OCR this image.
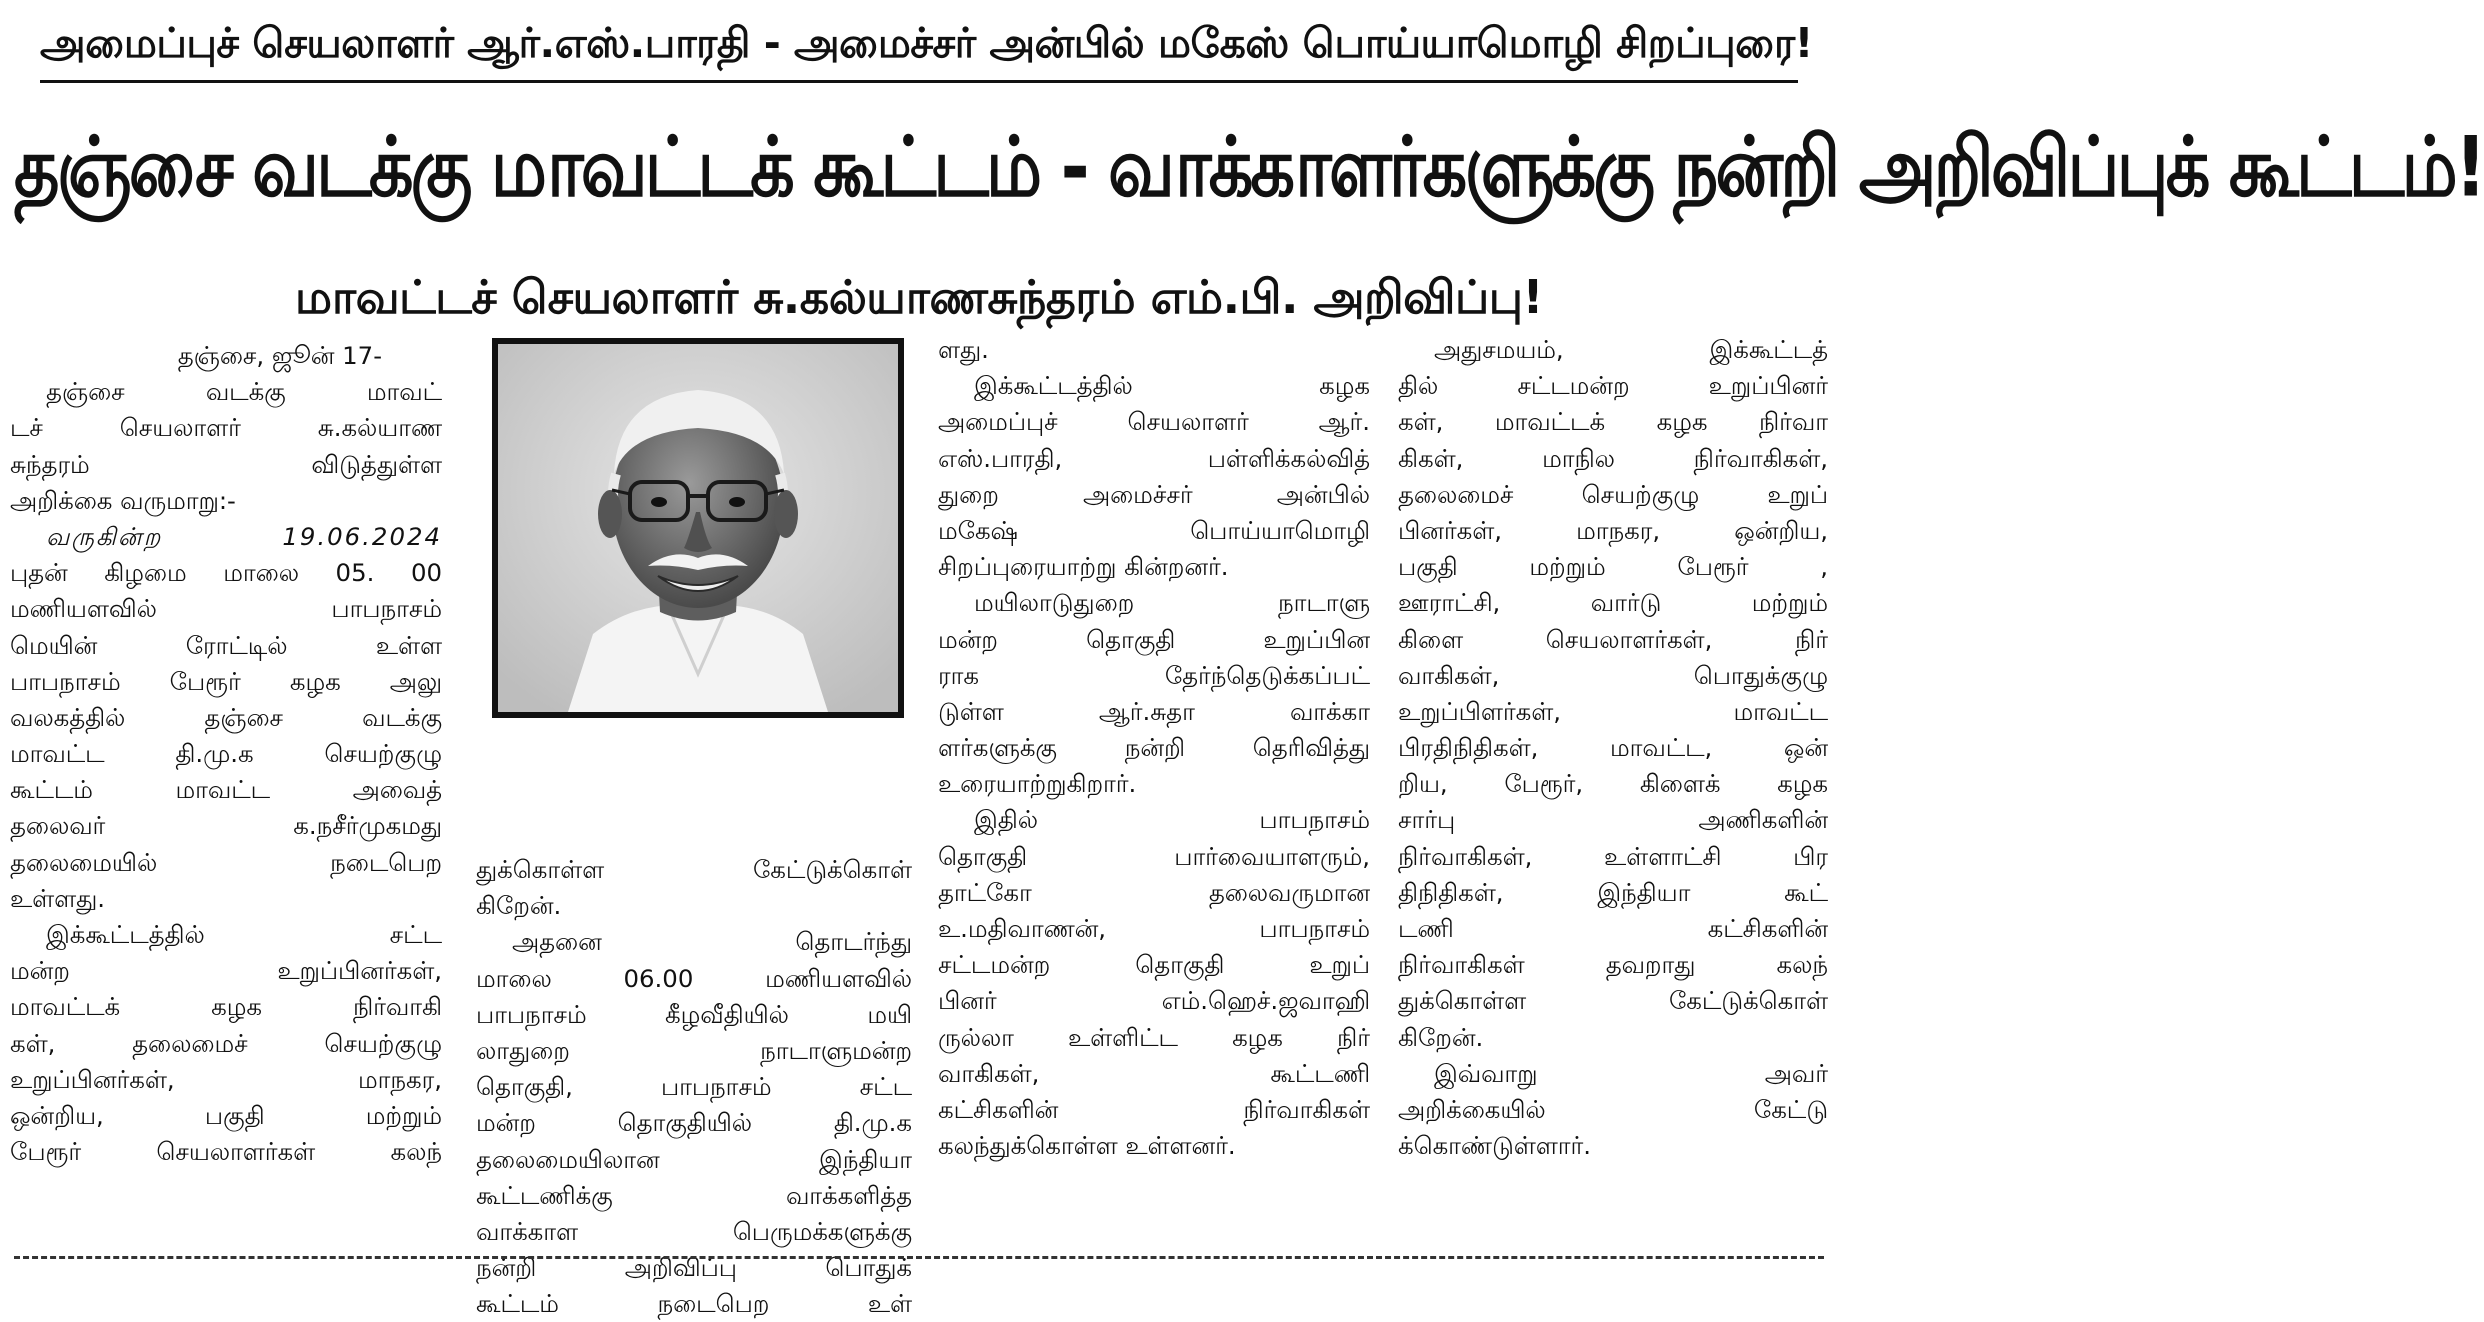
அமைப்புச் செயலாளர் ஆர்.எஸ்.பாரதி - அமைச்சர் அன்பில் மகேஸ் பொய்யாமொழி சிறப்புரை!
தஞ்சை வடக்கு மாவட்டக் கூட்டம் - வாக்காளர்களுக்கு நன்றி அறிவிப்புக் கூட்டம்!
மாவட்டச் செயலாளர் சு.கல்யாணசுந்தரம் எம்.பி. அறிவிப்பு!
தஞ்சை, ஜூன் 17-
தஞ்சை வடக்கு மாவட்
டச் செயலாளர் சு.கல்யாண
சுந்தரம் விடுத்துள்ள
அறிக்கை வருமாறு:-
வருகின்ற 19.06.2024
புதன் கிழமை மாலை 05. 00
மணியளவில் பாபநாசம்
மெயின் ரோட்டில் உள்ள
பாபநாசம் பேரூர் கழக அலு
வலகத்தில் தஞ்சை வடக்கு
மாவட்ட தி.மு.க செயற்குழு
கூட்டம் மாவட்ட அவைத்
தலைவர் க.நசீர்முகமது
தலைமையில் நடைபெற
உள்ளது.
இக்கூட்டத்தில் சட்ட
மன்ற உறுப்பினர்கள்,
மாவட்டக் கழக நிர்வாகி
கள், தலைமைச் செயற்குழு
உறுப்பினர்கள், மாநகர,
ஒன்றிய, பகுதி மற்றும்
பேரூர் செயலாளர்கள் கலந்
துக்கொள்ள கேட்டுக்கொள்
கிறேன்.
அதனை தொடர்ந்து
மாலை 06.00 மணியளவில்
பாபநாசம் கீழவீதியில் மயி
லாதுறை நாடாளுமன்ற
தொகுதி, பாபநாசம் சட்ட
மன்ற தொகுதியில் தி.மு.க
தலைமையிலான இந்தியா
கூட்டணிக்கு வாக்களித்த
வாக்காள பெருமக்களுக்கு
நன்றி அறிவிப்பு பொதுக்
கூட்டம் நடைபெற உள்
ளது.
இக்கூட்டத்தில் கழக
அமைப்புச் செயலாளர் ஆர்.
எஸ்.பாரதி, பள்ளிக்கல்வித்
துறை அமைச்சர் அன்பில்
மகேஷ் பொய்யாமொழி
சிறப்புரையாற்று கின்றனர்.
மயிலாடுதுறை நாடாளு
மன்ற தொகுதி உறுப்பின
ராக தேர்ந்தெடுக்கப்பட்
டுள்ள ஆர்.சுதா வாக்கா
ளர்களுக்கு நன்றி தெரிவித்து
உரையாற்றுகிறார்.
இதில் பாபநாசம்
தொகுதி பார்வையாளரும்,
தாட்கோ தலைவருமான
உ.மதிவாணன், பாபநாசம்
சட்டமன்ற தொகுதி உறுப்
பினர் எம்.ஹெச்.ஜவாஹி
ருல்லா உள்ளிட்ட கழக நிர்
வாகிகள், கூட்டணி
கட்சிகளின் நிர்வாகிகள்
கலந்துக்கொள்ள உள்ளனர்.
அதுசமயம், இக்கூட்டத்
தில் சட்டமன்ற உறுப்பினர்
கள், மாவட்டக் கழக நிர்வா
கிகள், மாநில நிர்வாகிகள்,
தலைமைச் செயற்குழு உறுப்
பினர்கள், மாநகர, ஒன்றிய,
பகுதி மற்றும் பேரூர் ,
ஊராட்சி, வார்டு மற்றும்
கிளை செயலாளர்கள், நிர்
வாகிகள், பொதுக்குழு
உறுப்பிளர்கள், மாவட்ட
பிரதிநிதிகள், மாவட்ட, ஒன்
றிய, பேரூர், கிளைக் கழக
சார்பு அணிகளின்
நிர்வாகிகள், உள்ளாட்சி பிர
திநிதிகள், இந்தியா கூட்
டணி கட்சிகளின்
நிர்வாகிகள் தவறாது கலந்
துக்கொள்ள கேட்டுக்கொள்
கிறேன்.
இவ்வாறு அவர்
அறிக்கையில் கேட்டு
க்கொண்டுள்ளார்.
